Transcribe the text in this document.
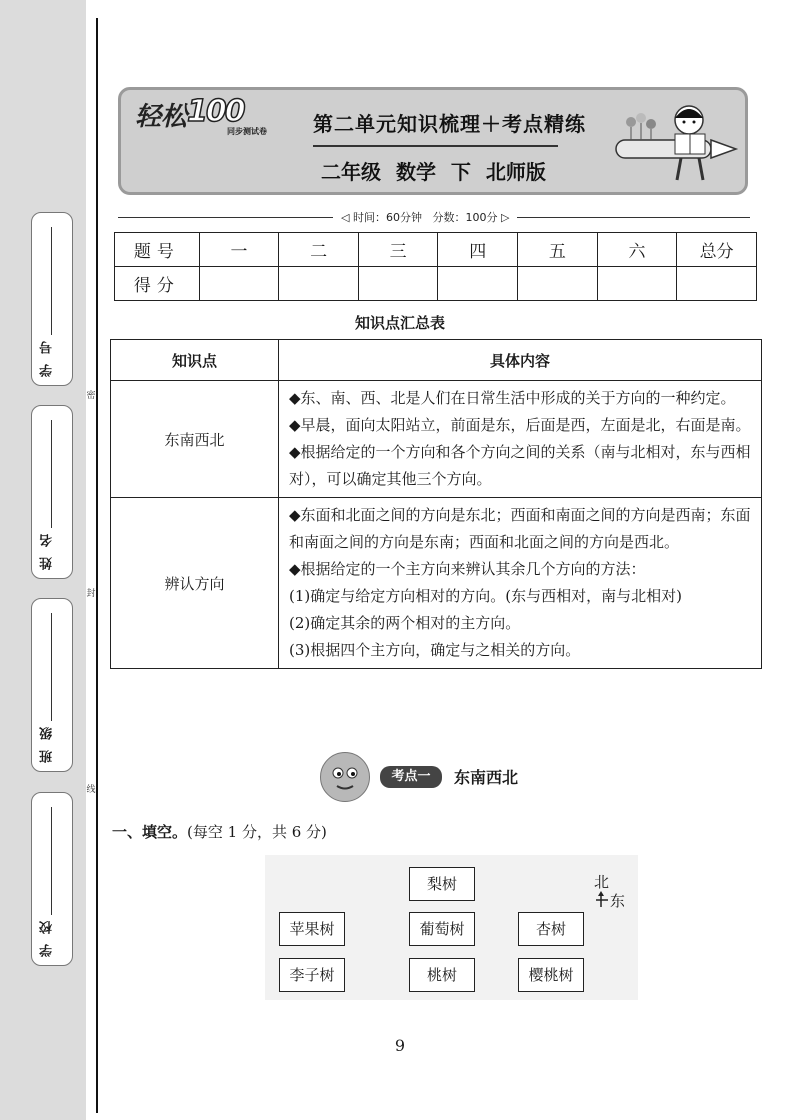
学号
姓名
班级
学校
密
封
线
轻松 100
同步测试卷 第二单元知识梳理＋考点精练
二年级 数学 下 北师版
◁ 时间：60分钟 分数：100分 ▷
题号	一	二	三	四	五	六	总分
得分							
知识点汇总表
知识点	具体内容
东南西北	◆东、南、西、北是人们在日常生活中形成的关于方向的一种约定。

◆早晨，面向太阳站立，前面是东，后面是西，左面是北，右面是南。

◆根据给定的一个方向和各个方向之间的关系（南与北相对，东与西相对），可以确定其他三个方向。

辨认方向	◆东面和北面之间的方向是东北；西面和南面之间的方向是西南；东面和南面之间的方向是东南；西面和北面之间的方向是西北。

◆根据给定的一个主方向来辨认其余几个方向的方法：

(1)确定与给定方向相对的方向。(东与西相对，南与北相对)

(2)确定其余的两个相对的主方向。

(3)根据四个主方向，确定与之相关的方向。

考点一	东南西北
一、填空。(每空 1 分，共 6 分)
梨树
苹果树	葡萄树	杏树
李子树	桃树	樱桃树
北
东
9
